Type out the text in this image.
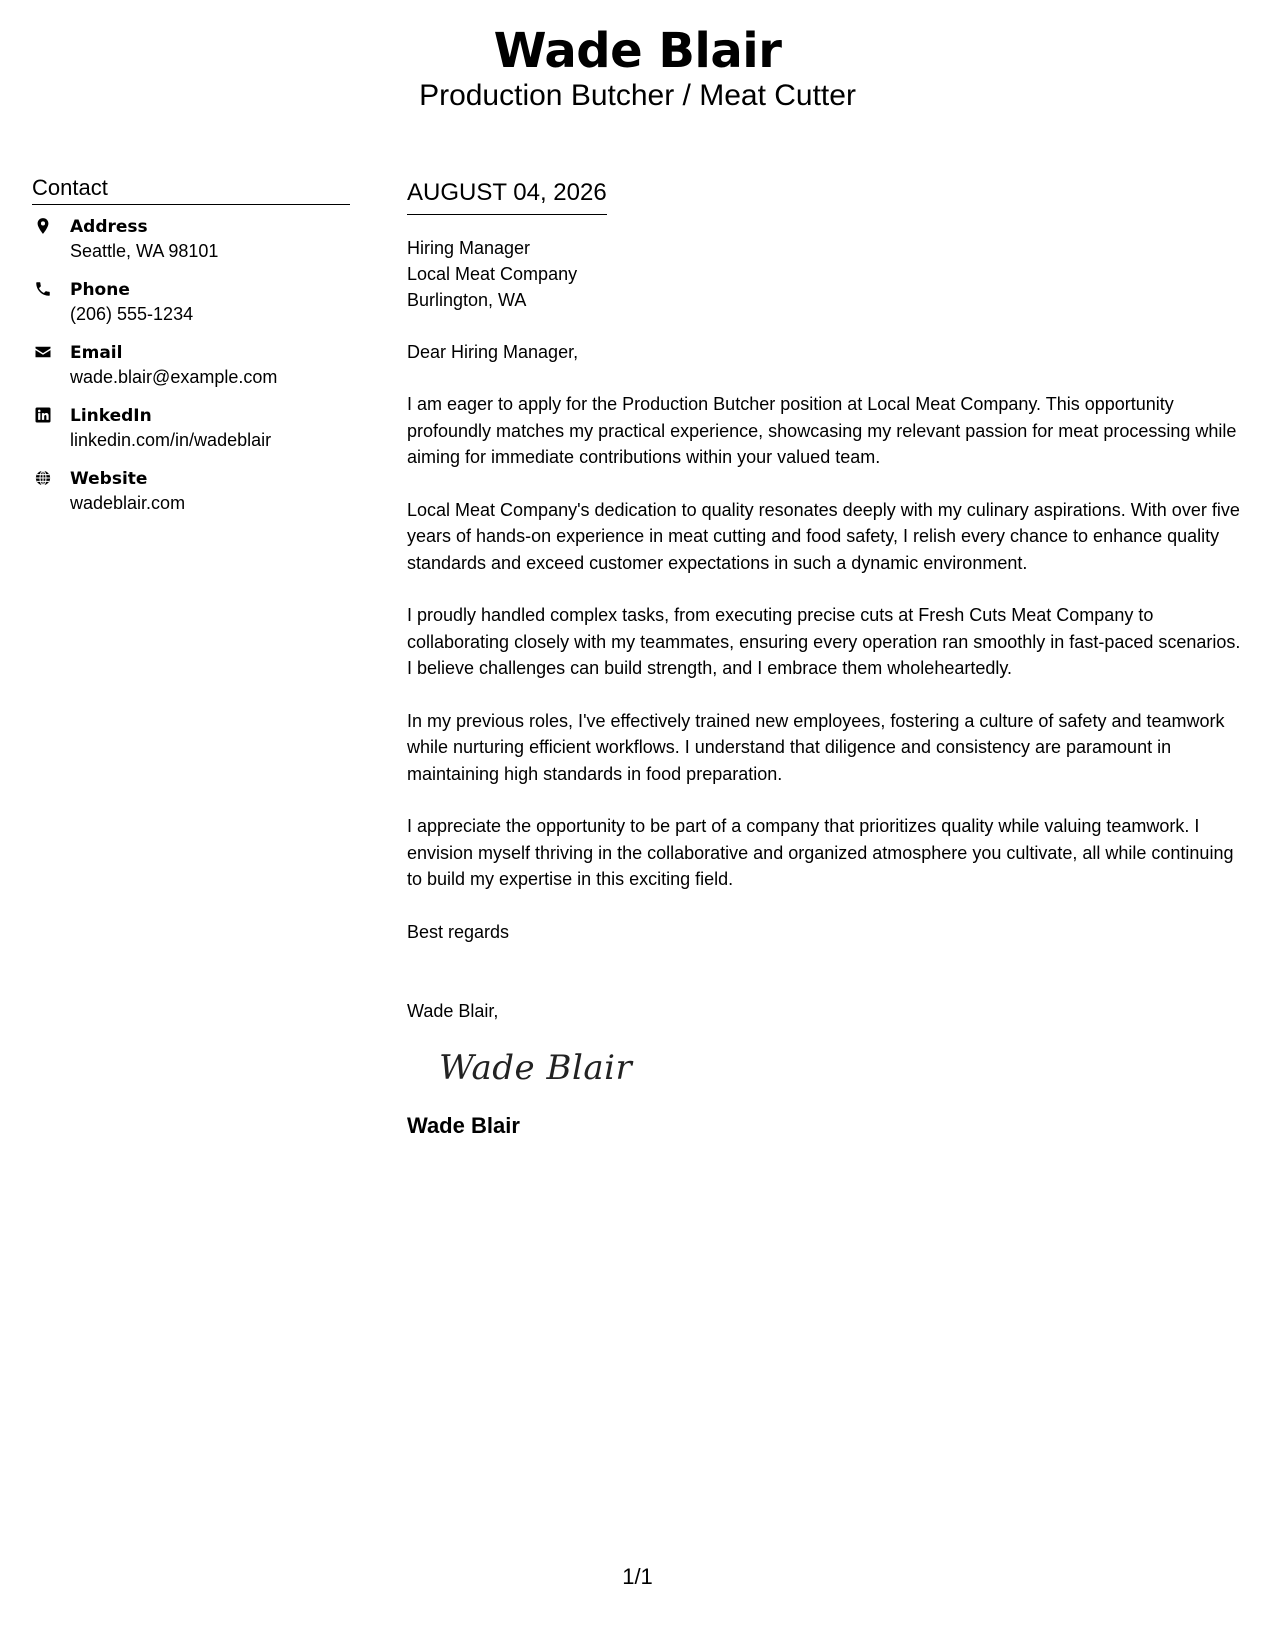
Wade Blair
Production Butcher / Meat Cutter
Contact
Address
Seattle, WA 98101
Phone
(206) 555-1234
Email
wade.blair@example.com
LinkedIn
linkedin.com/in/wadeblair
Website
wadeblair.com
AUGUST 04, 2026
Hiring Manager
Local Meat Company
Burlington, WA
Dear Hiring Manager,
I am eager to apply for the Production Butcher position at Local Meat Company. This opportunity profoundly matches my practical experience, showcasing my relevant passion for meat processing while aiming for immediate contributions within your valued team.
Local Meat Company's dedication to quality resonates deeply with my culinary aspirations. With over five years of hands-on experience in meat cutting and food safety, I relish every chance to enhance quality standards and exceed customer expectations in such a dynamic environment.
I proudly handled complex tasks, from executing precise cuts at Fresh Cuts Meat Company to collaborating closely with my teammates, ensuring every operation ran smoothly in fast-paced scenarios. I believe challenges can build strength, and I embrace them wholeheartedly.
In my previous roles, I've effectively trained new employees, fostering a culture of safety and teamwork while nurturing efficient workflows. I understand that diligence and consistency are paramount in maintaining high standards in food preparation.
I appreciate the opportunity to be part of a company that prioritizes quality while valuing teamwork. I envision myself thriving in the collaborative and organized atmosphere you cultivate, all while continuing to build my expertise in this exciting field.
Best regards
Wade Blair,
Wade Blair
Wade Blair
1/1
